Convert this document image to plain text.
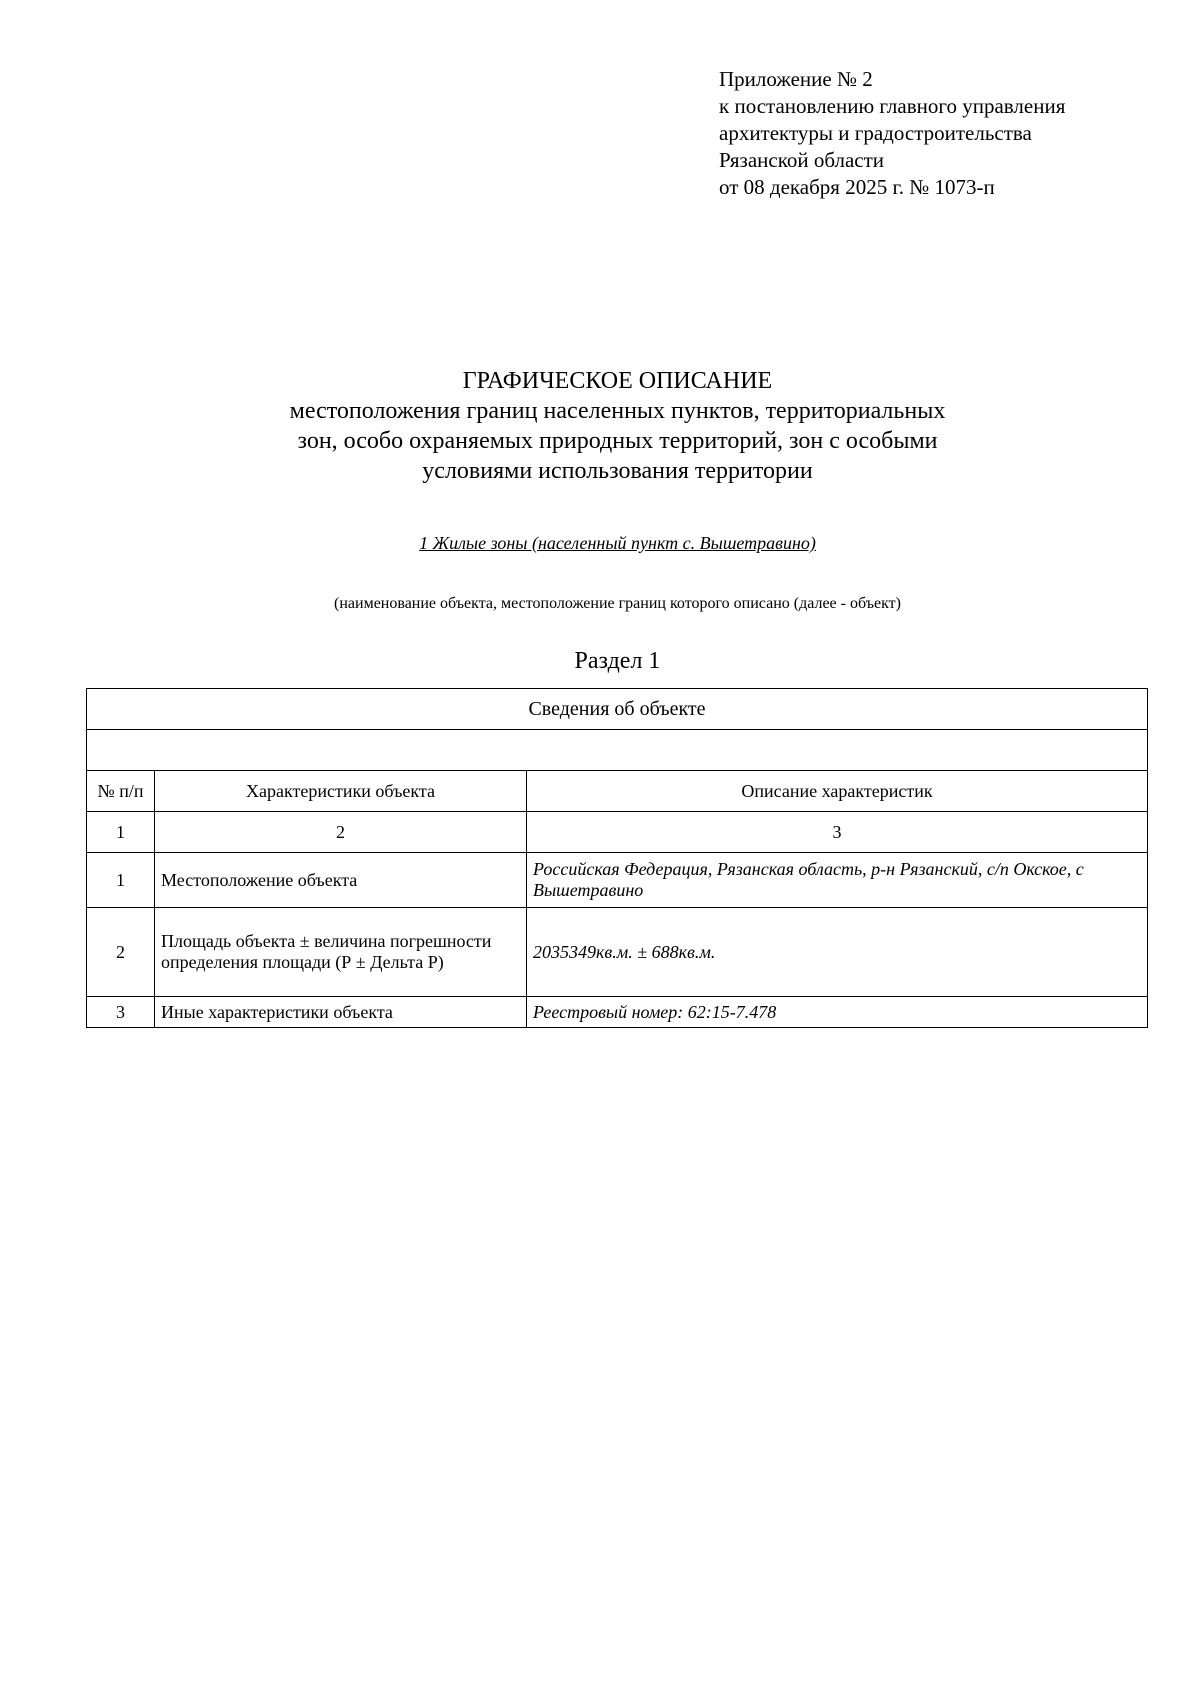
Приложение № 2
к постановлению главного управления
архитектуры и градостроительства
Рязанской области
от 08 декабря 2025 г. № 1073-п
ГРАФИЧЕСКОЕ ОПИСАНИЕ
местоположения границ населенных пунктов, территориальных
зон, особо охраняемых природных территорий, зон с особыми
условиями использования территории
1 Жилые зоны (населенный пункт с. Вышетравино)
(наименование объекта, местоположение границ которого описано (далее - объект)
Раздел 1
Сведения об объекте		

№ п/п	Характеристики объекта	Описание характеристик
1	2	3
1	Местоположение объекта	Российская Федерация, Рязанская область, р-н Рязанский, с/п Окское, с Вышетравино
2	Площадь объекта ± величина погрешности определения площади (Р ± Дельта Р)	2035349кв.м. ± 688кв.м.
3	Иные характеристики объекта	Реестровый номер: 62:15-7.478
